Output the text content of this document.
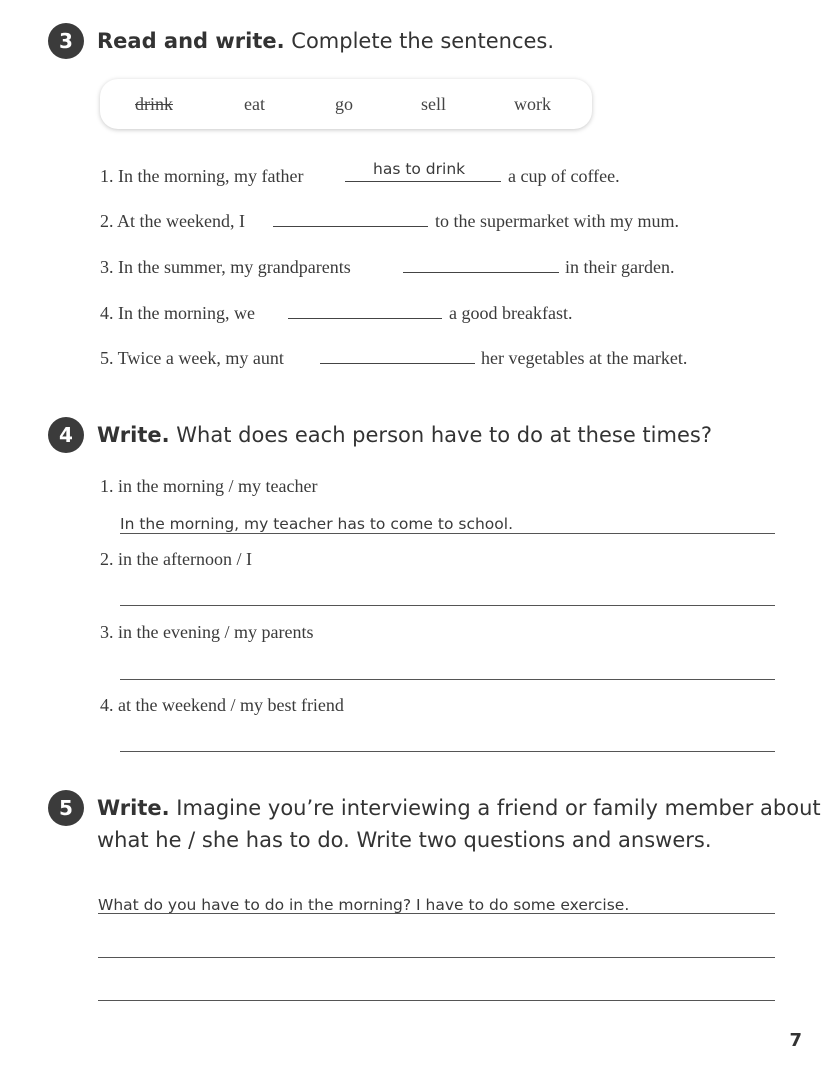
3 Read and write. Complete the sentences.
drink	eat	go	sell	work
1. In the morning, my father	has to drink a cup of coffee.
2. At the weekend, I	to the supermarket with my mum.
3. In the summer, my grandparents	in their garden.
4. In the morning, we	a good breakfast.
5. Twice a week, my aunt	her vegetables at the market.
4 Write. What does each person have to do at these times?
1. in the morning / my teacher
In the morning, my teacher has to come to school.
2. in the afternoon / I
3. in the evening / my parents
4. at the weekend / my best friend
5 Write. Imagine you’re interviewing a friend or family member about
what he / she has to do. Write two questions and answers.
What do you have to do in the morning? I have to do some exercise.
7
